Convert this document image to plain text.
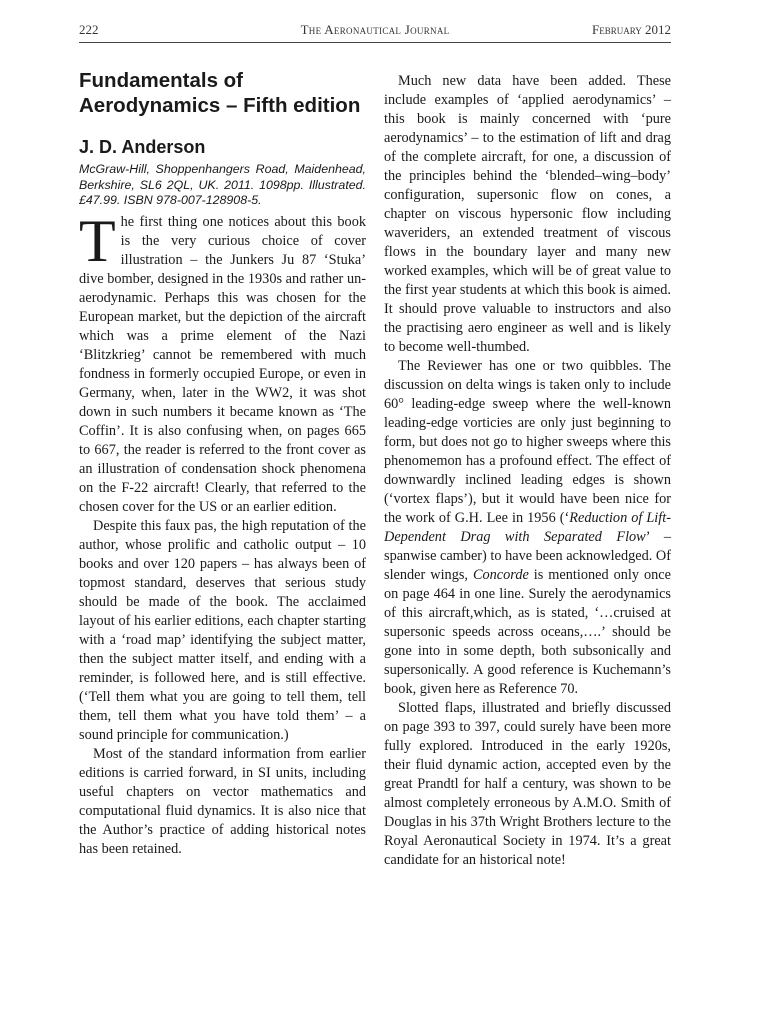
222	The Aeronautical Journal	February 2012
Fundamentals of Aerodynamics – Fifth edition
J. D. Anderson
McGraw-Hill, Shoppenhangers Road, Maidenhead, Berkshire, SL6 2QL, UK. 2011. 1098pp. Illustrated. £47.99. ISBN 978-007-128908-5.

The first thing one notices about this book is the very curious choice of cover illustration – the Junkers Ju 87 ‘Stuka’ dive bomber, designed in the 1930s and rather un-aerodynamic. Perhaps this was chosen for the European market, but the depiction of the aircraft which was a prime element of the Nazi ‘Blitzkrieg’ cannot be remembered with much fondness in formerly occupied Europe, or even in Germany, when, later in the WW2, it was shot down in such numbers it became known as ‘The Coffin’. It is also confusing when, on pages 665 to 667, the reader is referred to the front cover as an illustration of condensation shock phenomena on the F-22 aircraft! Clearly, that referred to the chosen cover for the US or an earlier edition.

Despite this faux pas, the high reputation of the author, whose prolific and catholic output – 10 books and over 120 papers – has always been of topmost standard, deserves that serious study should be made of the book. The acclaimed layout of his earlier editions, each chapter starting with a ‘road map’ identifying the subject matter, then the subject matter itself, and ending with a reminder, is followed here, and is still effective. (‘Tell them what you are going to tell them, tell them, tell them what you have told them’ – a sound principle for communication.)

Most of the standard information from earlier editions is carried forward, in SI units, including useful chapters on vector mathematics and computational fluid dynamics. It is also nice that the Author’s practice of adding historical notes has been retained.

Much new data have been added. These include examples of ‘applied aerodynamics’ – this book is mainly concerned with ‘pure aerodynamics’ – to the estimation of lift and drag of the complete aircraft, for one, a discussion of the principles behind the ‘blended–wing–body’ configuration, supersonic flow on cones, a chapter on viscous hypersonic flow including waveriders, an extended treatment of viscous flows in the boundary layer and many new worked examples, which will be of great value to the first year students at which this book is aimed. It should prove valuable to instructors and also the practising aero engineer as well and is likely to become well-thumbed.

The Reviewer has one or two quibbles. The discussion on delta wings is taken only to include 60° leading-edge sweep where the well-known leading-edge vorticies are only just beginning to form, but does not go to higher sweeps where this phenomemon has a profound effect. The effect of downwardly inclined leading edges is shown (‘vortex flaps’), but it would have been nice for the work of G.H. Lee in 1956 (‘Reduction of Lift-Dependent Drag with Separated Flow’ – spanwise camber) to have been acknowledged. Of slender wings, Concorde is mentioned only once on page 464 in one line. Surely the aerodynamics of this aircraft,which, as is stated, ‘…cruised at supersonic speeds across oceans,….’ should be gone into in some depth, both subsonically and supersonically. A good reference is Kuchemann’s book, given here as Reference 70.

Slotted flaps, illustrated and briefly discussed on page 393 to 397, could surely have been more fully explored. Introduced in the early 1920s, their fluid dynamic action, accepted even by the great Prandtl for half a century, was shown to be almost completely erroneous by A.M.O. Smith of Douglas in his 37th Wright Brothers lecture to the Royal Aeronautical Society in 1974. It’s a great candidate for an historical note!
